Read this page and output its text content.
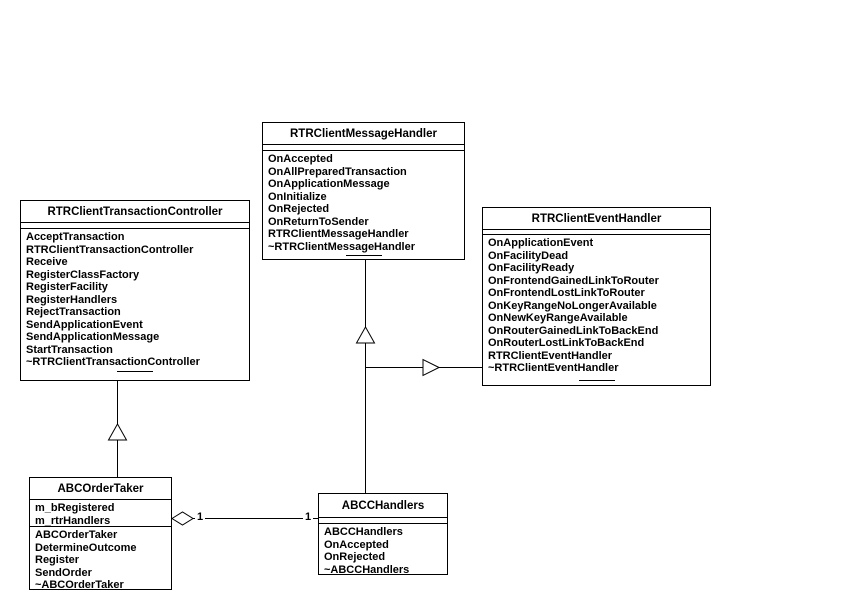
1	1
RTRClientTransactionController
AcceptTransaction
RTRClientTransactionController
Receive
RegisterClassFactory
RegisterFacility
RegisterHandlers
RejectTransaction
SendApplicationEvent
SendApplicationMessage
StartTransaction
~RTRClientTransactionController
RTRClientMessageHandler
OnAccepted
OnAllPreparedTransaction
OnApplicationMessage
OnInitialize
OnRejected
OnReturnToSender
RTRClientMessageHandler
~RTRClientMessageHandler
RTRClientEventHandler
OnApplicationEvent
OnFacilityDead
OnFacilityReady
OnFrontendGainedLinkToRouter
OnFrontendLostLinkToRouter
OnKeyRangeNoLongerAvailable
OnNewKeyRangeAvailable
OnRouterGainedLinkToBackEnd
OnRouterLostLinkToBackEnd
RTRClientEventHandler
~RTRClientEventHandler
ABCOrderTaker
m_bRegistered
m_rtrHandlers
ABCOrderTaker
DetermineOutcome
Register
SendOrder
~ABCOrderTaker
ABCCHandlers
ABCCHandlers
OnAccepted
OnRejected
~ABCCHandlers
